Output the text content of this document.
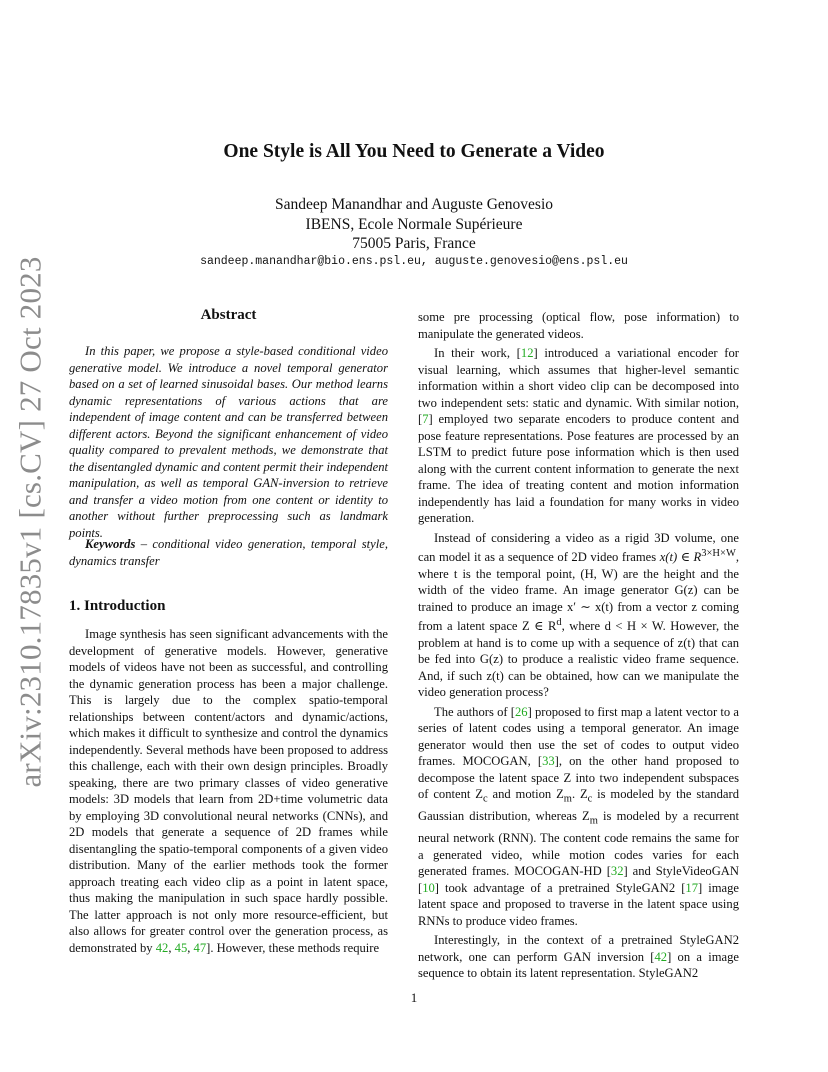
arXiv:2310.17835v1 [cs.CV] 27 Oct 2023
One Style is All You Need to Generate a Video
Sandeep Manandhar and Auguste Genovesio
IBENS, Ecole Normale Supérieure
75005 Paris, France
sandeep.manandhar@bio.ens.psl.eu, auguste.genovesio@ens.psl.eu
Abstract

In this paper, we propose a style-based conditional video generative model. We introduce a novel temporal generator based on a set of learned sinusoidal bases. Our method learns dynamic representations of various actions that are independent of image content and can be transferred between different actors. Beyond the significant enhancement of video quality compared to prevalent methods, we demonstrate that the disentangled dynamic and content permit their independent manipulation, as well as temporal GAN-inversion to retrieve and transfer a video motion from one content or identity to another without further preprocessing such as landmark points.

Keywords – conditional video generation, temporal style, dynamics transfer
1. Introduction

Image synthesis has seen significant advancements with the development of generative models. However, generative models of videos have not been as successful, and controlling the dynamic generation process has been a major challenge. This is largely due to the complex spatio-temporal relationships between content/actors and dynamic/actions, which makes it difficult to synthesize and control the dynamics independently. Several methods have been proposed to address this challenge, each with their own design principles. Broadly speaking, there are two primary classes of video generative models: 3D models that learn from 2D+time volumetric data by employing 3D convolutional neural networks (CNNs), and 2D models that generate a sequence of 2D frames while disentangling the spatio-temporal components of a given video distribution. Many of the earlier methods took the former approach treating each video clip as a point in latent space, thus making the manipulation in such space hardly possible. The latter approach is not only more resource-efficient, but also allows for greater control over the generation process, as demonstrated by 42, 45, 47]. However, these methods require

some pre processing (optical flow, pose information) to manipulate the generated videos.

In their work, [12] introduced a variational encoder for visual learning, which assumes that higher-level semantic information within a short video clip can be decomposed into two independent sets: static and dynamic. With similar notion, [7] employed two separate encoders to produce content and pose feature representations. Pose features are processed by an LSTM to predict future pose information which is then used along with the current content information to generate the next frame. The idea of treating content and motion information independently has laid a foundation for many works in video generation.

Instead of considering a video as a rigid 3D volume, one can model it as a sequence of 2D video frames x(t) ∈ $R^{3\times H\times W}$, where t is the temporal point, (H, W) are the height and the width of the video frame. An image generator G(z) can be trained to produce an image x′ ∼ x(t) from a vector z coming from a latent space Z ∈ $R^d$, where d < H × W. However, the problem at hand is to come up with a sequence of z(t) that can be fed into G(z) to produce a realistic video frame sequence. And, if such z(t) can be obtained, how can we manipulate the video generation process?

The authors of [26] proposed to first map a latent vector to a series of latent codes using a temporal generator. An image generator would then use the set of codes to output video frames. MOCOGAN, [33], on the other hand proposed to decompose the latent space Z into two independent subspaces of content $Z_c$ and motion $Z_m$. $Z_c$ is modeled by the standard Gaussian distribution, whereas $Z_m$ is modeled by a recurrent neural network (RNN). The content code remains the same for a generated video, while motion codes varies for each generated frames. MOCOGAN-HD [32] and StyleVideoGAN [10] took advantage of a pretrained StyleGAN2 [17] image latent space and proposed to traverse in the latent space using RNNs to produce video frames.

Interestingly, in the context of a pretrained StyleGAN2 network, one can perform GAN inversion [42] on a image sequence to obtain its latent representation. StyleGAN2

1
